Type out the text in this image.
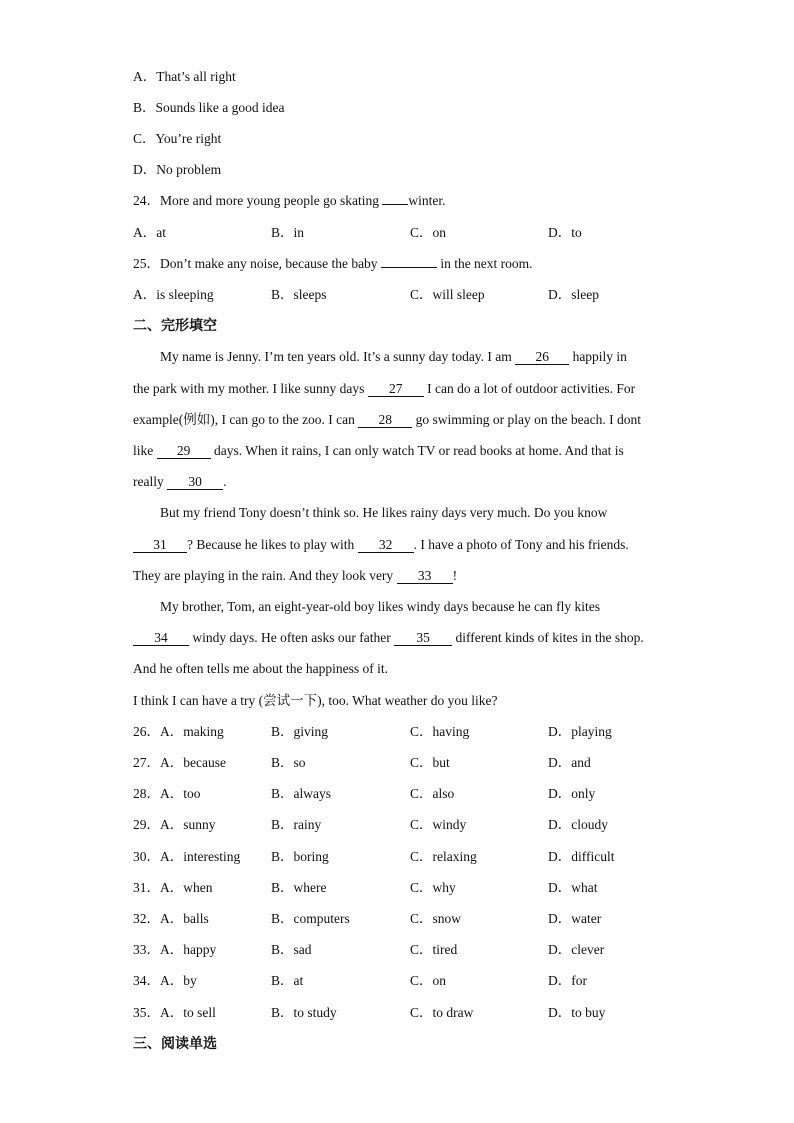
A．That’s all right
B．Sounds like a good idea
C．You’re right
D．No problem
24．More and more young people go skating winter.
A．at	B．in	C．on	D．to
25．Don’t make any noise, because the baby	in the next room.
A．is sleeping	B．sleeps	C．will sleep	D．sleep
二、完形填空
My name is Jenny. I’m ten years old. It’s a sunny day today. I am 26 happily in
the park with my mother. I like sunny days 27 I can do a lot of outdoor activities. For
example(例如), I can go to the zoo. I can 28 go swimming or play on the beach. I dont
like 29 days. When it rains, I can only watch TV or read books at home. And that is
really 30 .
But my friend Tony doesn’t think so. He likes rainy days very much. Do you know
31 ? Because he likes to play with 32 . I have a photo of Tony and his friends.
They are playing in the rain. And they look very 33 !
My brother, Tom, an eight-year-old boy likes windy days because he can fly kites
34 windy days. He often asks our father 35 different kinds of kites in the shop.
And he often tells me about the happiness of it.
I think I can have a try (尝试一下), too. What weather do you like?
26．A．making	B．giving	C．having	D．playing
27．A．because	B．so	C．but	D．and
28．A．too	B．always	C．also	D．only
29．A．sunny	B．rainy	C．windy	D．cloudy
30．A．interesting B．boring	C．relaxing	D．difficult
31．A．when	B．where	C．why	D．what
32．A．balls	B．computers	C．snow	D．water
33．A．happy	B．sad	C．tired	D．clever
34．A．by	B．at	C．on	D．for
35．A．to sell	B．to study	C．to draw	D．to buy
三、阅读单选
